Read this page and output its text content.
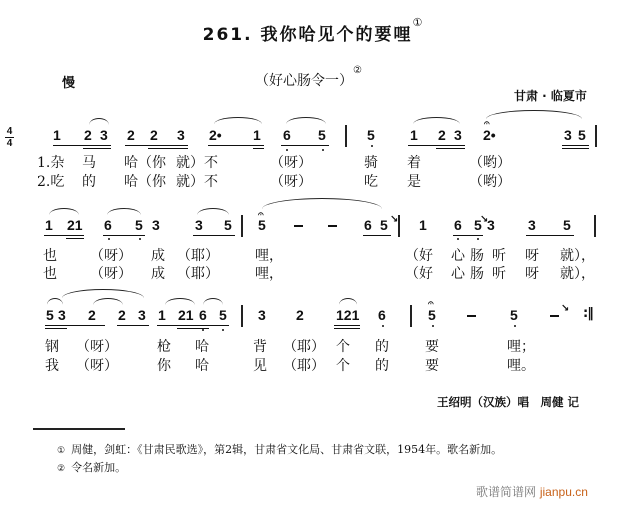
261. 我你哈见个的要哩①
慢	（好心肠令一）②
甘肃 · 临夏市
4
4
1 2 3 2 2 3 2• 1 6 5	5	1 2 3 2•	3 5
𝄐
1.杂 马 哈（你 就）不	（呀）	骑 着	（哟）
2.吃 的 哈（你 就）不	（呀）	吃 是	（哟）
1 21 6 5 3	3 5 5	6 5 1 6 5 3 3 5
𝄐	↘	↘
也 （呀） 成 （耶）	哩，	（好 心 肠 听 呀 就），
也 （呀） 成 （耶）	哩，	（好 心 肠 听 呀 就），
5 3 2 2 3 1 21 6 5 3 2 121 6	5	5	↘ :‖
𝄐
钢 （呀）	枪 哈	背 （耶） 个 的	要	哩；
我 （呀）	你 哈	见 （耶） 个 的	要	哩。
王绍明（汉族）唱　周健 记
① 周健，剑虹：《甘肃民歌选》，第2辑，甘肃省文化局、甘肃省文联，1954年。歌名新加。
② 令名新加。
歌谱简谱网 jianpu.cn
